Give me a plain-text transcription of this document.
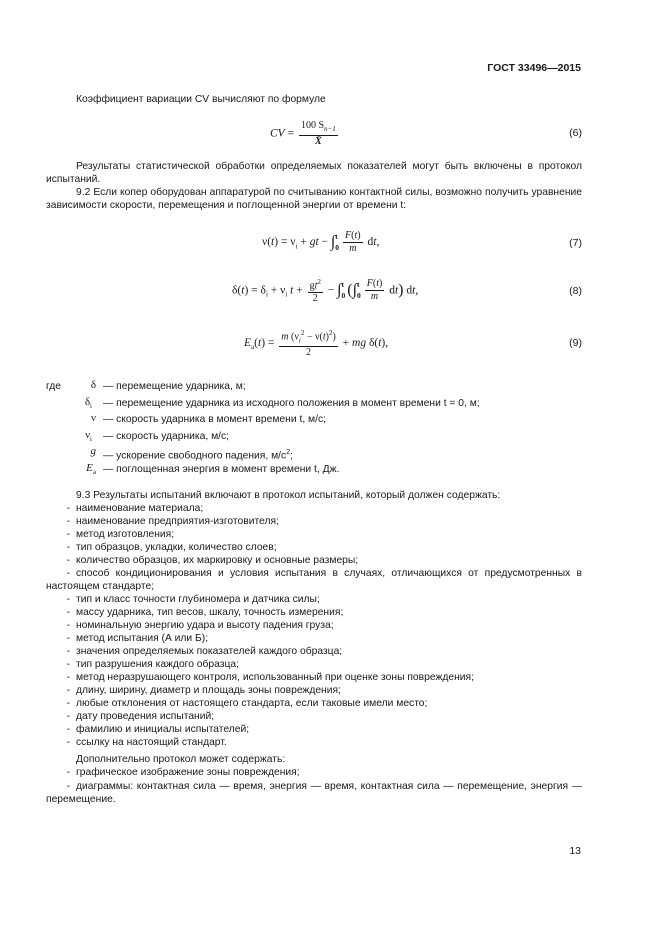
ГОСТ 33496—2015
Коэффициент вариации CV вычисляют по формуле
CV = $\frac{100 S_{n-1}}{X̄}$	(6)
Результаты статистической обработки определяемых показателей могут быть включены в протокол испытаний.
9.2 Если копер оборудован аппаратурой по считыванию контактной силы, возможно получить уравнение зависимости скорости, перемещения и поглощенной энергии от времени t:
$\nu(t) = \nu_i$ + gt − ∫ t
0
$\frac{F(t)}{m}$ dt,	(7)
$\delta(t) = \delta_i + \nu_i$ $t + \frac{gt^2}{2}$ − ∫ t
0 (∫ t
0
$\frac{F(t)}{m} dt$) dt,	(8)
$E_a(t) = \frac{m (\nu_i^2 - \nu(t)^2)}{2}$ + mg δ(t),	(9)
где	δ — перемещение ударника, м;
$\delta_i$ — перемещение ударника из исходного положения в момент времени t = 0, м;
ν — скорость ударника в момент времени t, м/с;
$\nu_i$ — скорость ударника, м/с;
g — ускорение свободного падения, $м/с^2$;
$E_a$ — поглощенная энергия в момент времени t, Дж.
9.3 Результаты испытаний включают в протокол испытаний, который должен содержать:
- наименование материала;
- наименование предприятия-изготовителя;
- метод изготовления;
- тип образцов, укладки, количество слоев;
- количество образцов, их маркировку и основные размеры;
- способ кондиционирования и условия испытания в случаях, отличающихся от предусмотренных в настоящем стандарте;
- тип и класс точности глубиномера и датчика силы;
- массу ударника, тип весов, шкалу, точность измерения;
- номинальную энергию удара и высоту падения груза;
- метод испытания (А или Б);
- значения определяемых показателей каждого образца;
- тип разрушения каждого образца;
- метод неразрушающего контроля, использованный при оценке зоны повреждения;
- длину, ширину, диаметр и площадь зоны повреждения;
- любые отклонения от настоящего стандарта, если таковые имели место;
- дату проведения испытаний;
- фамилию и инициалы испытателей;
- ссылку на настоящий стандарт.
Дополнительно протокол может содержать:
- графическое изображение зоны повреждения;
- диаграммы: контактная сила — время, энергия — время, контактная сила — перемещение, энергия — перемещение.
13
